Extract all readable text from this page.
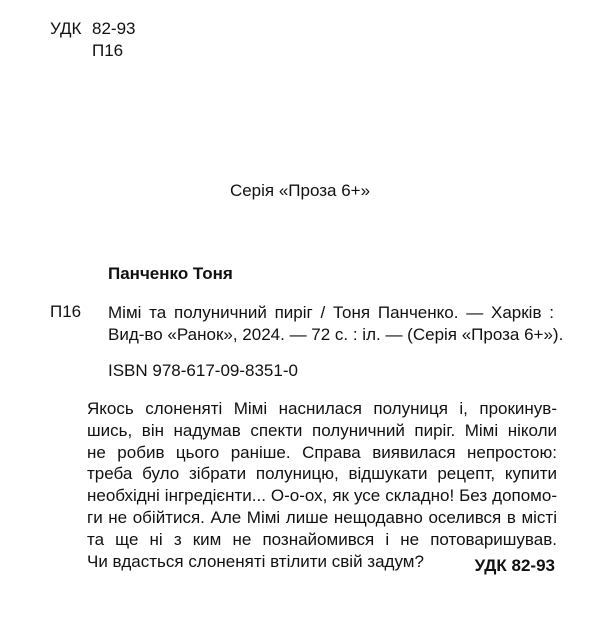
УДК 82-93
П16
Серія «Проза 6+»
Панченко Тоня
П16 Мімі та полуничний пиріг / Тоня Панченко. — Харків :
Вид-во «Ранок», 2024. — 72 с. : іл. — (Серія «Проза 6+»).
ISBN 978-617-09-8351-0
Якось слоненяті Мімі наснилася полуниця і, прокинув-
шись, він надумав спекти полуничний пиріг. Мімі ніколи
не робив цього раніше. Справа виявилася непростою:
треба було зібрати полуницю, відшукати рецепт, купити
необхідні інгредієнти... О-о-ох, як усе складно! Без допомо-
ги не обійтися. Але Мімі лише нещодавно оселився в місті
та ще ні з ким не познайомився і не потоваришував.
Чи вдасться слоненяті втілити свій задум?	УДК 82-93
